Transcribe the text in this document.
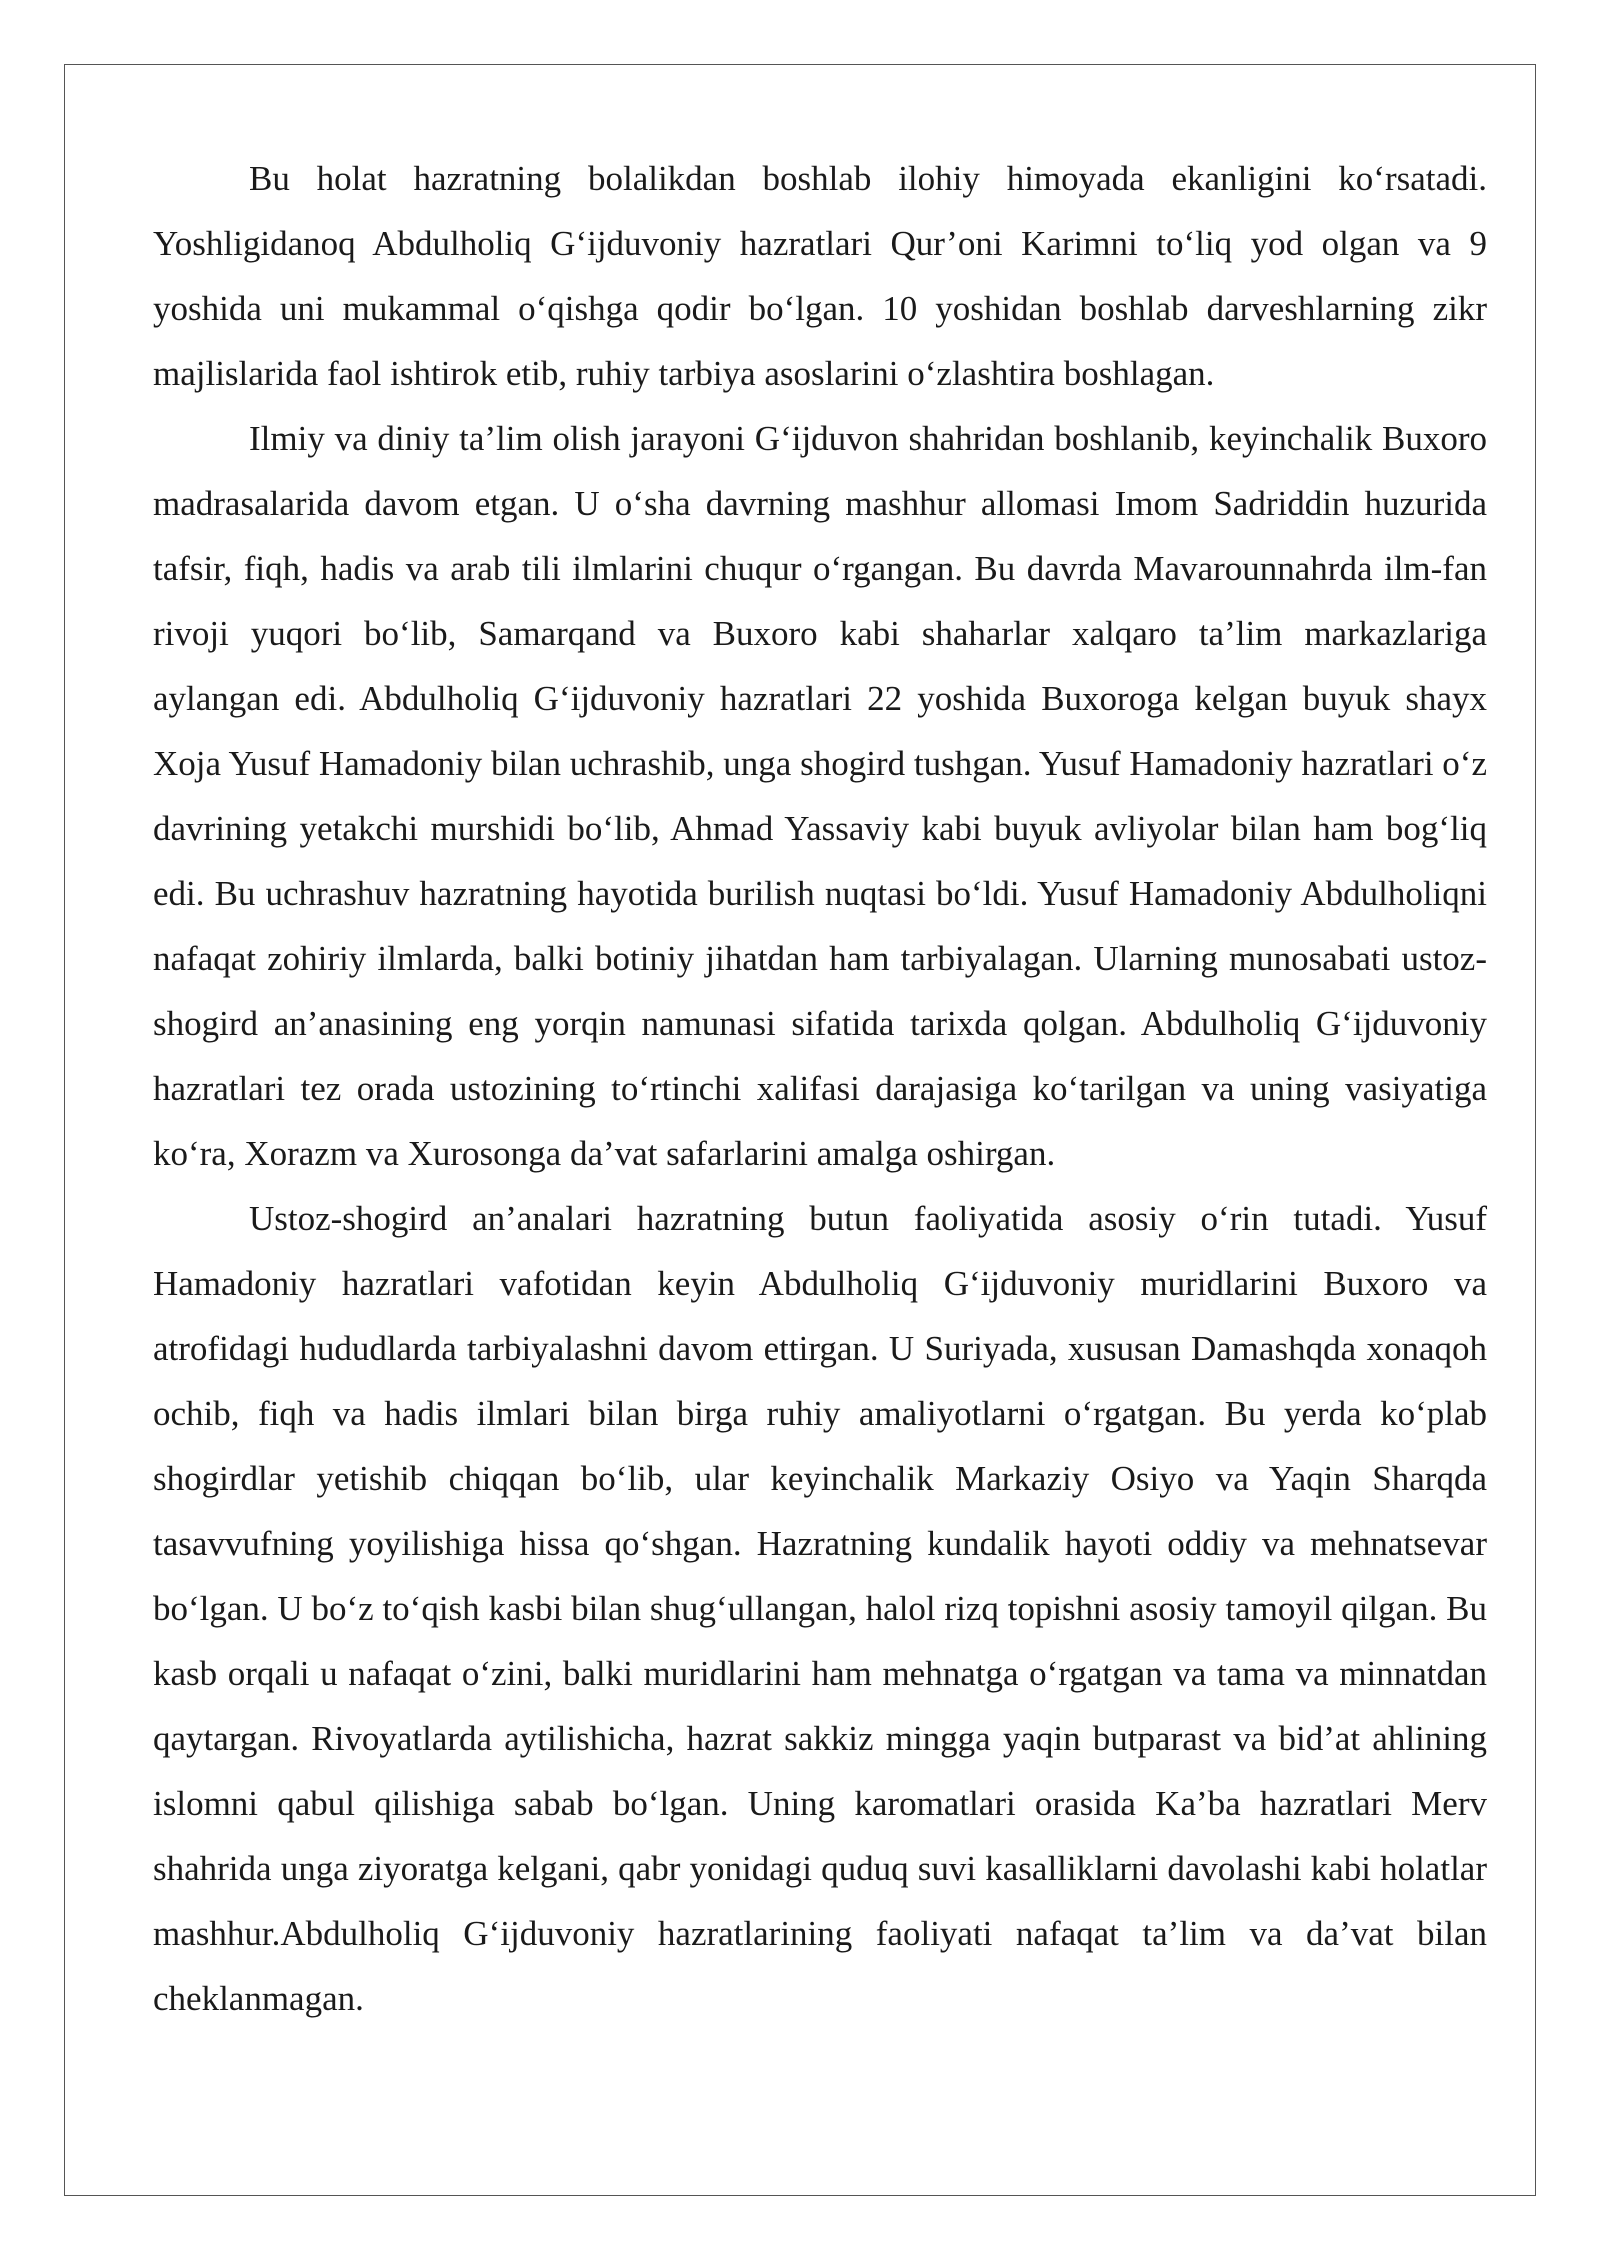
Bu holat hazratning bolalikdan boshlab ilohiy himoyada ekanligini ko‘rsatadi. Yoshligidanoq Abdulholiq G‘ijduvoniy hazratlari Qur’oni Karimni to‘liq yod olgan va 9 yoshida uni mukammal o‘qishga qodir bo‘lgan. 10 yoshidan boshlab darveshlarning zikr majlislarida faol ishtirok etib, ruhiy tarbiya asoslarini o‘zlashtira boshlagan.

Ilmiy va diniy ta’lim olish jarayoni G‘ijduvon shahridan boshlanib, keyinchalik Buxoro madrasalarida davom etgan. U o‘sha davrning mashhur allomasi Imom Sadriddin huzurida tafsir, fiqh, hadis va arab tili ilmlarini chuqur o‘rgangan. Bu davrda Mavarounnahrda ilm-fan rivoji yuqori bo‘lib, Samarqand va Buxoro kabi shaharlar xalqaro ta’lim markazlariga aylangan edi. Abdulholiq G‘ijduvoniy hazratlari 22 yoshida Buxoroga kelgan buyuk shayx Xoja Yusuf Hamadoniy bilan uchrashib, unga shogird tushgan. Yusuf Hamadoniy hazratlari o‘z davrining yetakchi murshidi bo‘lib, Ahmad Yassaviy kabi buyuk avliyolar bilan ham bog‘liq edi. Bu uchrashuv hazratning hayotida burilish nuqtasi bo‘ldi. Yusuf Hamadoniy Abdulholiqni nafaqat zohiriy ilmlarda, balki botiniy jihatdan ham tarbiyalagan. Ularning munosabati ustoz-shogird an’anasining eng yorqin namunasi sifatida tarixda qolgan. Abdulholiq G‘ijduvoniy hazratlari tez orada ustozining to‘rtinchi xalifasi darajasiga ko‘tarilgan va uning vasiyatiga ko‘ra, Xorazm va Xurosonga da’vat safarlarini amalga oshirgan.

Ustoz-shogird an’analari hazratning butun faoliyatida asosiy o‘rin tutadi. Yusuf Hamadoniy hazratlari vafotidan keyin Abdulholiq G‘ijduvoniy muridlarini Buxoro va atrofidagi hududlarda tarbiyalashni davom ettirgan. U Suriyada, xususan Damashqda xonaqoh ochib, fiqh va hadis ilmlari bilan birga ruhiy amaliyotlarni o‘rgatgan. Bu yerda ko‘plab shogirdlar yetishib chiqqan bo‘lib, ular keyinchalik Markaziy Osiyo va Yaqin Sharqda tasavvufning yoyilishiga hissa qo‘shgan. Hazratning kundalik hayoti oddiy va mehnatsevar bo‘lgan. U bo‘z to‘qish kasbi bilan shug‘ullangan, halol rizq topishni asosiy tamoyil qilgan. Bu kasb orqali u nafaqat o‘zini, balki muridlarini ham mehnatga o‘rgatgan va tama va minnatdan qaytargan. Rivoyatlarda aytilishicha, hazrat sakkiz mingga yaqin butparast va bid’at ahlining islomni qabul qilishiga sabab bo‘lgan. Uning karomatlari orasida Ka’ba hazratlari Merv shahrida unga ziyoratga kelgani, qabr yonidagi quduq suvi kasalliklarni davolashi kabi holatlar mashhur.Abdulholiq G‘ijduvoniy hazratlarining faoliyati nafaqat ta’lim va da’vat bilan cheklanmagan.
